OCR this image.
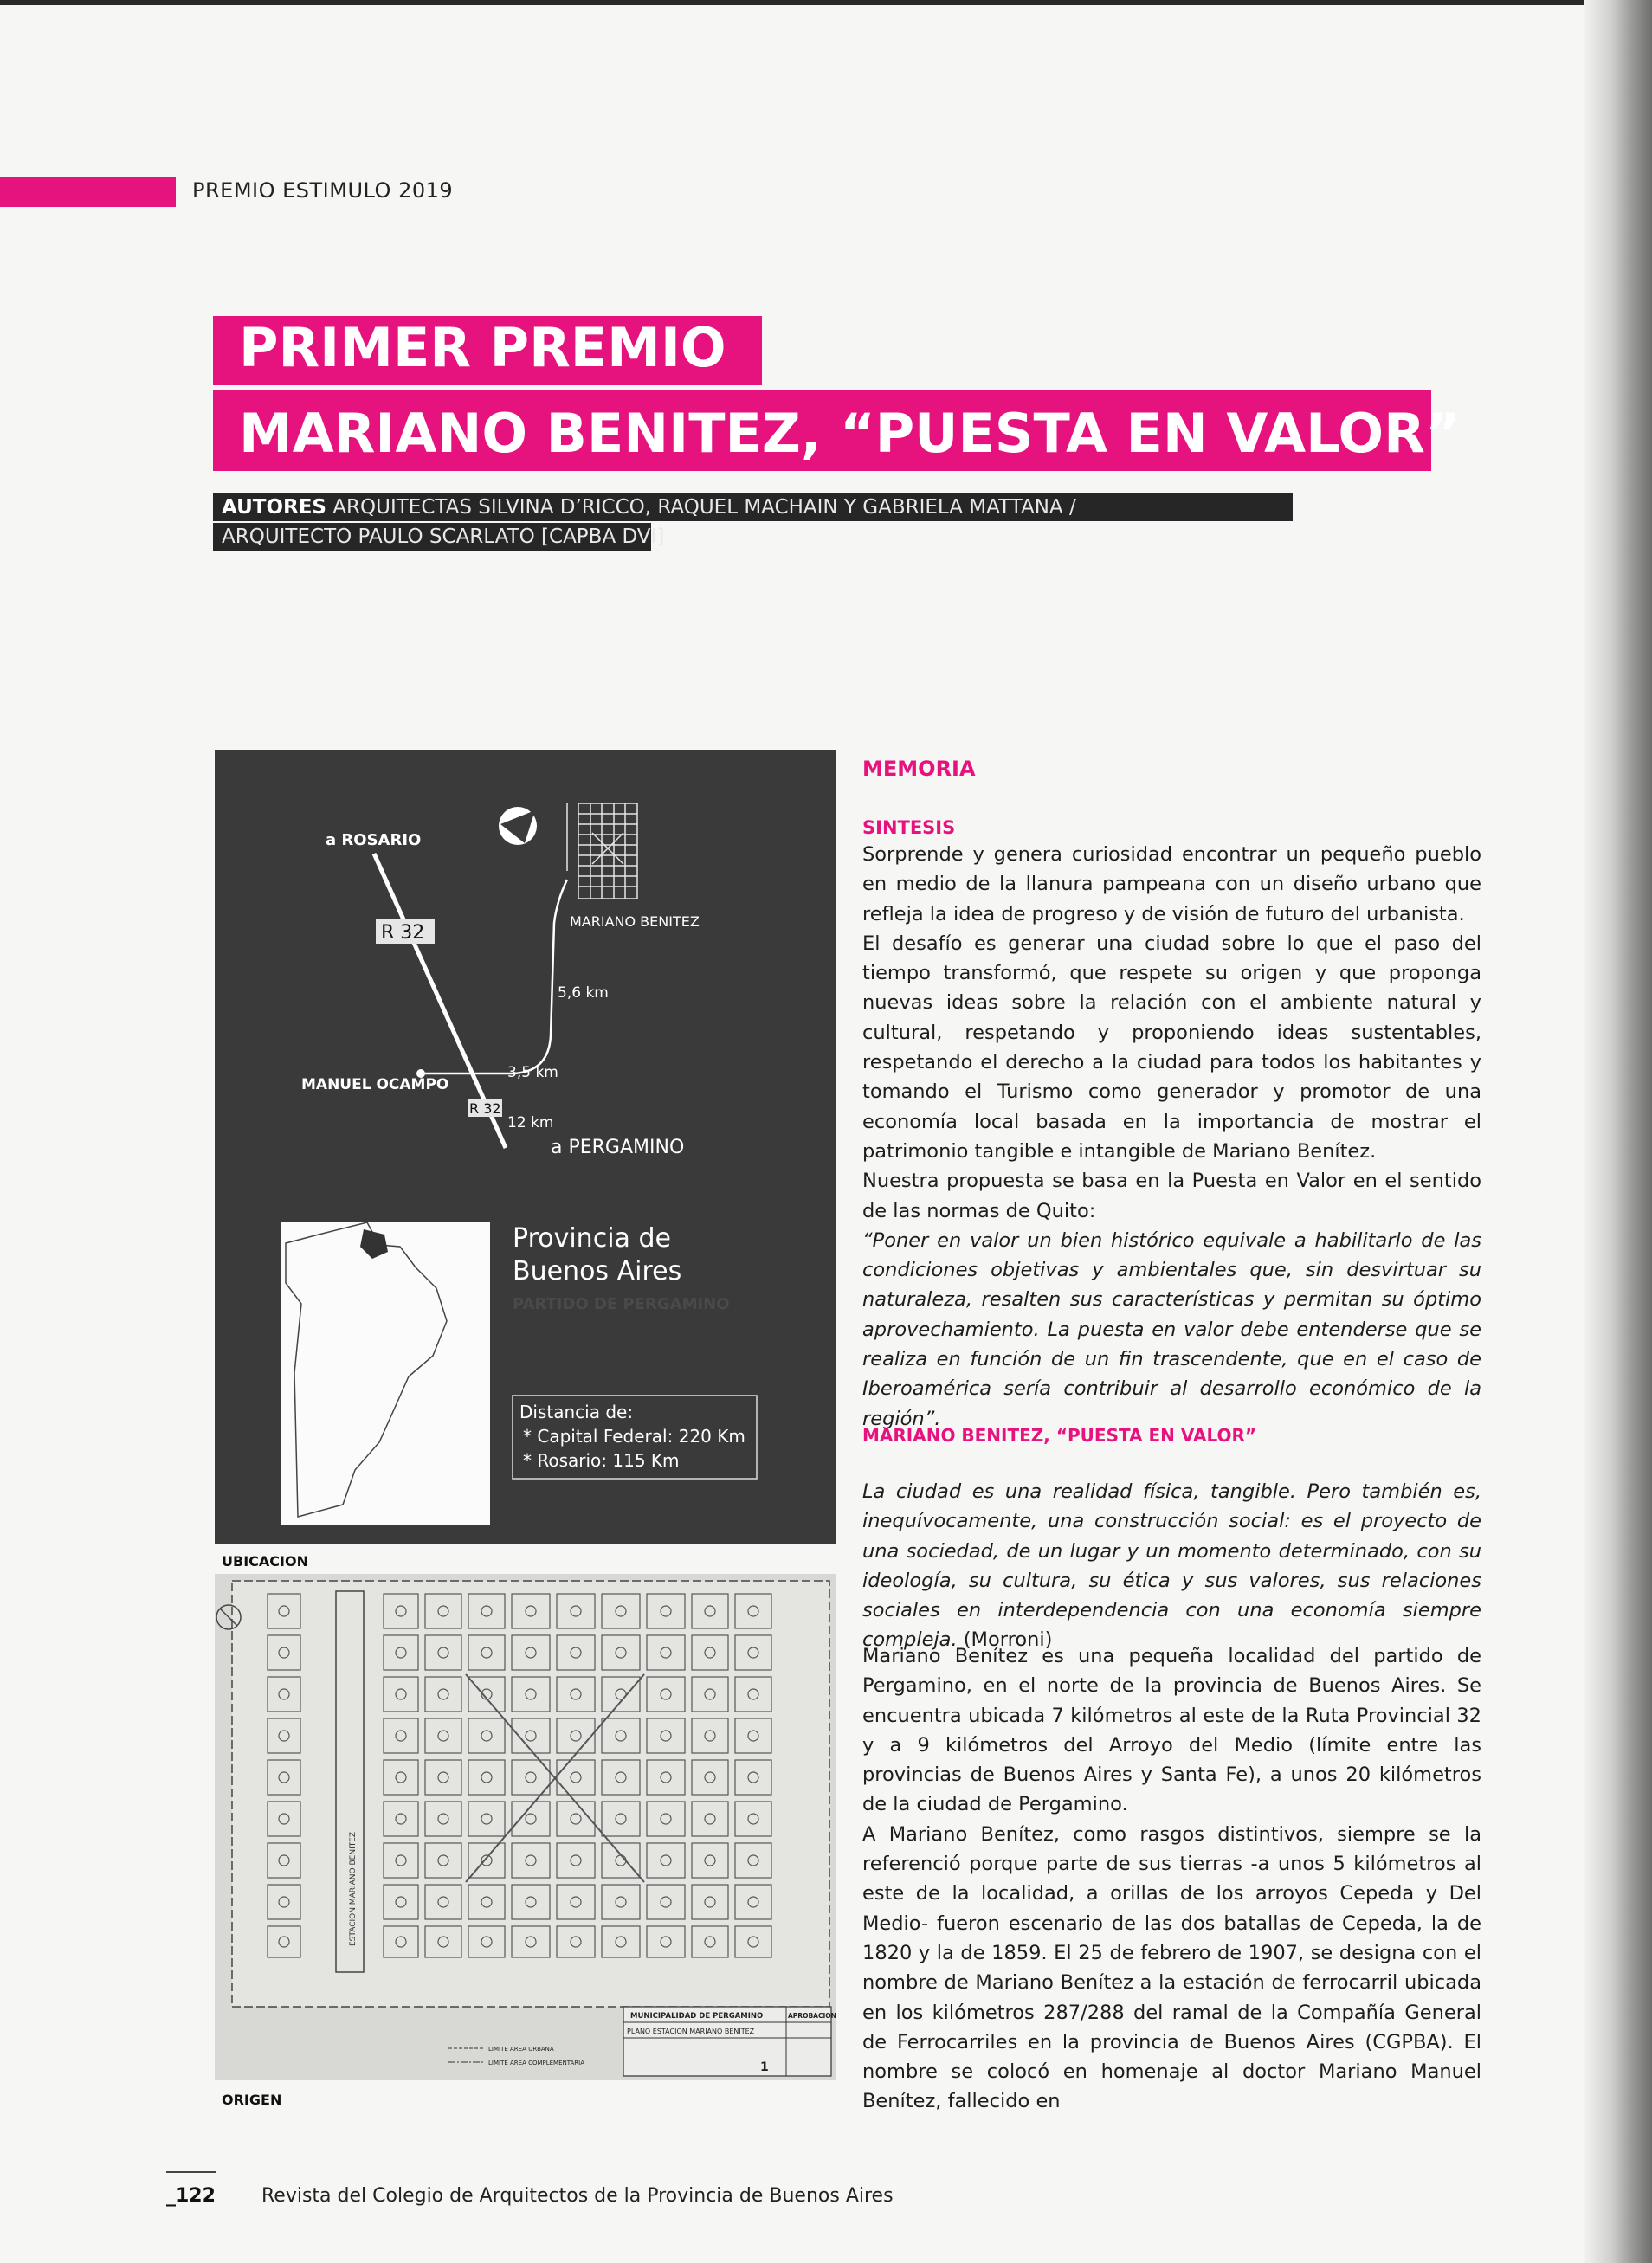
PREMIO ESTIMULO 2019
PRIMER PREMIO
MARIANO BENITEZ, “PUESTA EN VALOR”
AUTORES ARQUITECTAS SILVINA D’RICCO, RAQUEL MACHAIN Y GABRIELA MATTANA /
ARQUITECTO PAULO SCARLATO [CAPBA DVI]
a ROSARIO
R 32
MARIANO BENITEZ
5,6 km
MANUEL OCAMPO
3,5 km
R 32
12 km
a PERGAMINO
Provincia de
Buenos Aires
PARTIDO DE PERGAMINO
Distancia de:
* Capital Federal: 220 Km
* Rosario: 115 Km
UBICACION
ESTACION MARIANO BENITEZ
MUNICIPALIDAD DE PERGAMINO	APROBACION
PLANO ESTACION MARIANO BENITEZ
1
LIMITE AREA URBANA
LIMITE AREA COMPLEMENTARIA
ORIGEN
MEMORIA
SINTESIS

Sorprende y genera curiosidad encontrar un pequeño pueblo en medio de la llanura pampeana con un diseño urbano que refleja la idea de progreso y de visión de futuro del urbanista.

El desafío es generar una ciudad sobre lo que el paso del tiempo transformó, que respete su origen y que proponga nuevas ideas sobre la relación con el ambiente natural y cultural, respetando y proponiendo ideas sustentables, respetando el derecho a la ciudad para todos los habitantes y tomando el Turismo como generador y promotor de una economía local basada en la importancia de mostrar el patrimonio tangible e intangible de Mariano Benítez.

Nuestra propuesta se basa en la Puesta en Valor en el sentido de las normas de Quito:

“Poner en valor un bien histórico equivale a habilitarlo de las condiciones objetivas y ambientales que, sin desvirtuar su naturaleza, resalten sus características y permitan su óptimo aprovechamiento. La puesta en valor debe entenderse que se realiza en función de un fin trascendente, que en el caso de Iberoamérica sería contribuir al desarrollo económico de la región”.

MARIANO BENITEZ, “PUESTA EN VALOR”

La ciudad es una realidad física, tangible. Pero también es, inequívocamente, una construcción social: es el proyecto de una sociedad, de un lugar y un momento determinado, con su ideología, su cultura, su ética y sus valores, sus relaciones sociales en interdependencia con una economía siempre compleja. (Morroni)

Mariano Benítez es una pequeña localidad del partido de Pergamino, en el norte de la provincia de Buenos Aires. Se encuentra ubicada 7 kilómetros al este de la Ruta Provincial 32 y a 9 kilómetros del Arroyo del Medio (límite entre las provincias de Buenos Aires y Santa Fe), a unos 20 kilómetros de la ciudad de Pergamino.

A Mariano Benítez, como rasgos distintivos, siempre se la referenció porque parte de sus tierras -a unos 5 kilómetros al este de la localidad, a orillas de los arroyos Cepeda y Del Medio- fueron escenario de las dos batallas de Cepeda, la de 1820 y la de 1859. El 25 de febrero de 1907, se designa con el nombre de Mariano Benítez a la estación de ferrocarril ubicada en los kilómetros 287/288 del ramal de la Compañía General de Ferrocarriles en la provincia de Buenos Aires (CGPBA). El nombre se colocó en homenaje al doctor Mariano Manuel Benítez, fallecido en

_122 Revista del Colegio de Arquitectos de la Provincia de Buenos Aires
